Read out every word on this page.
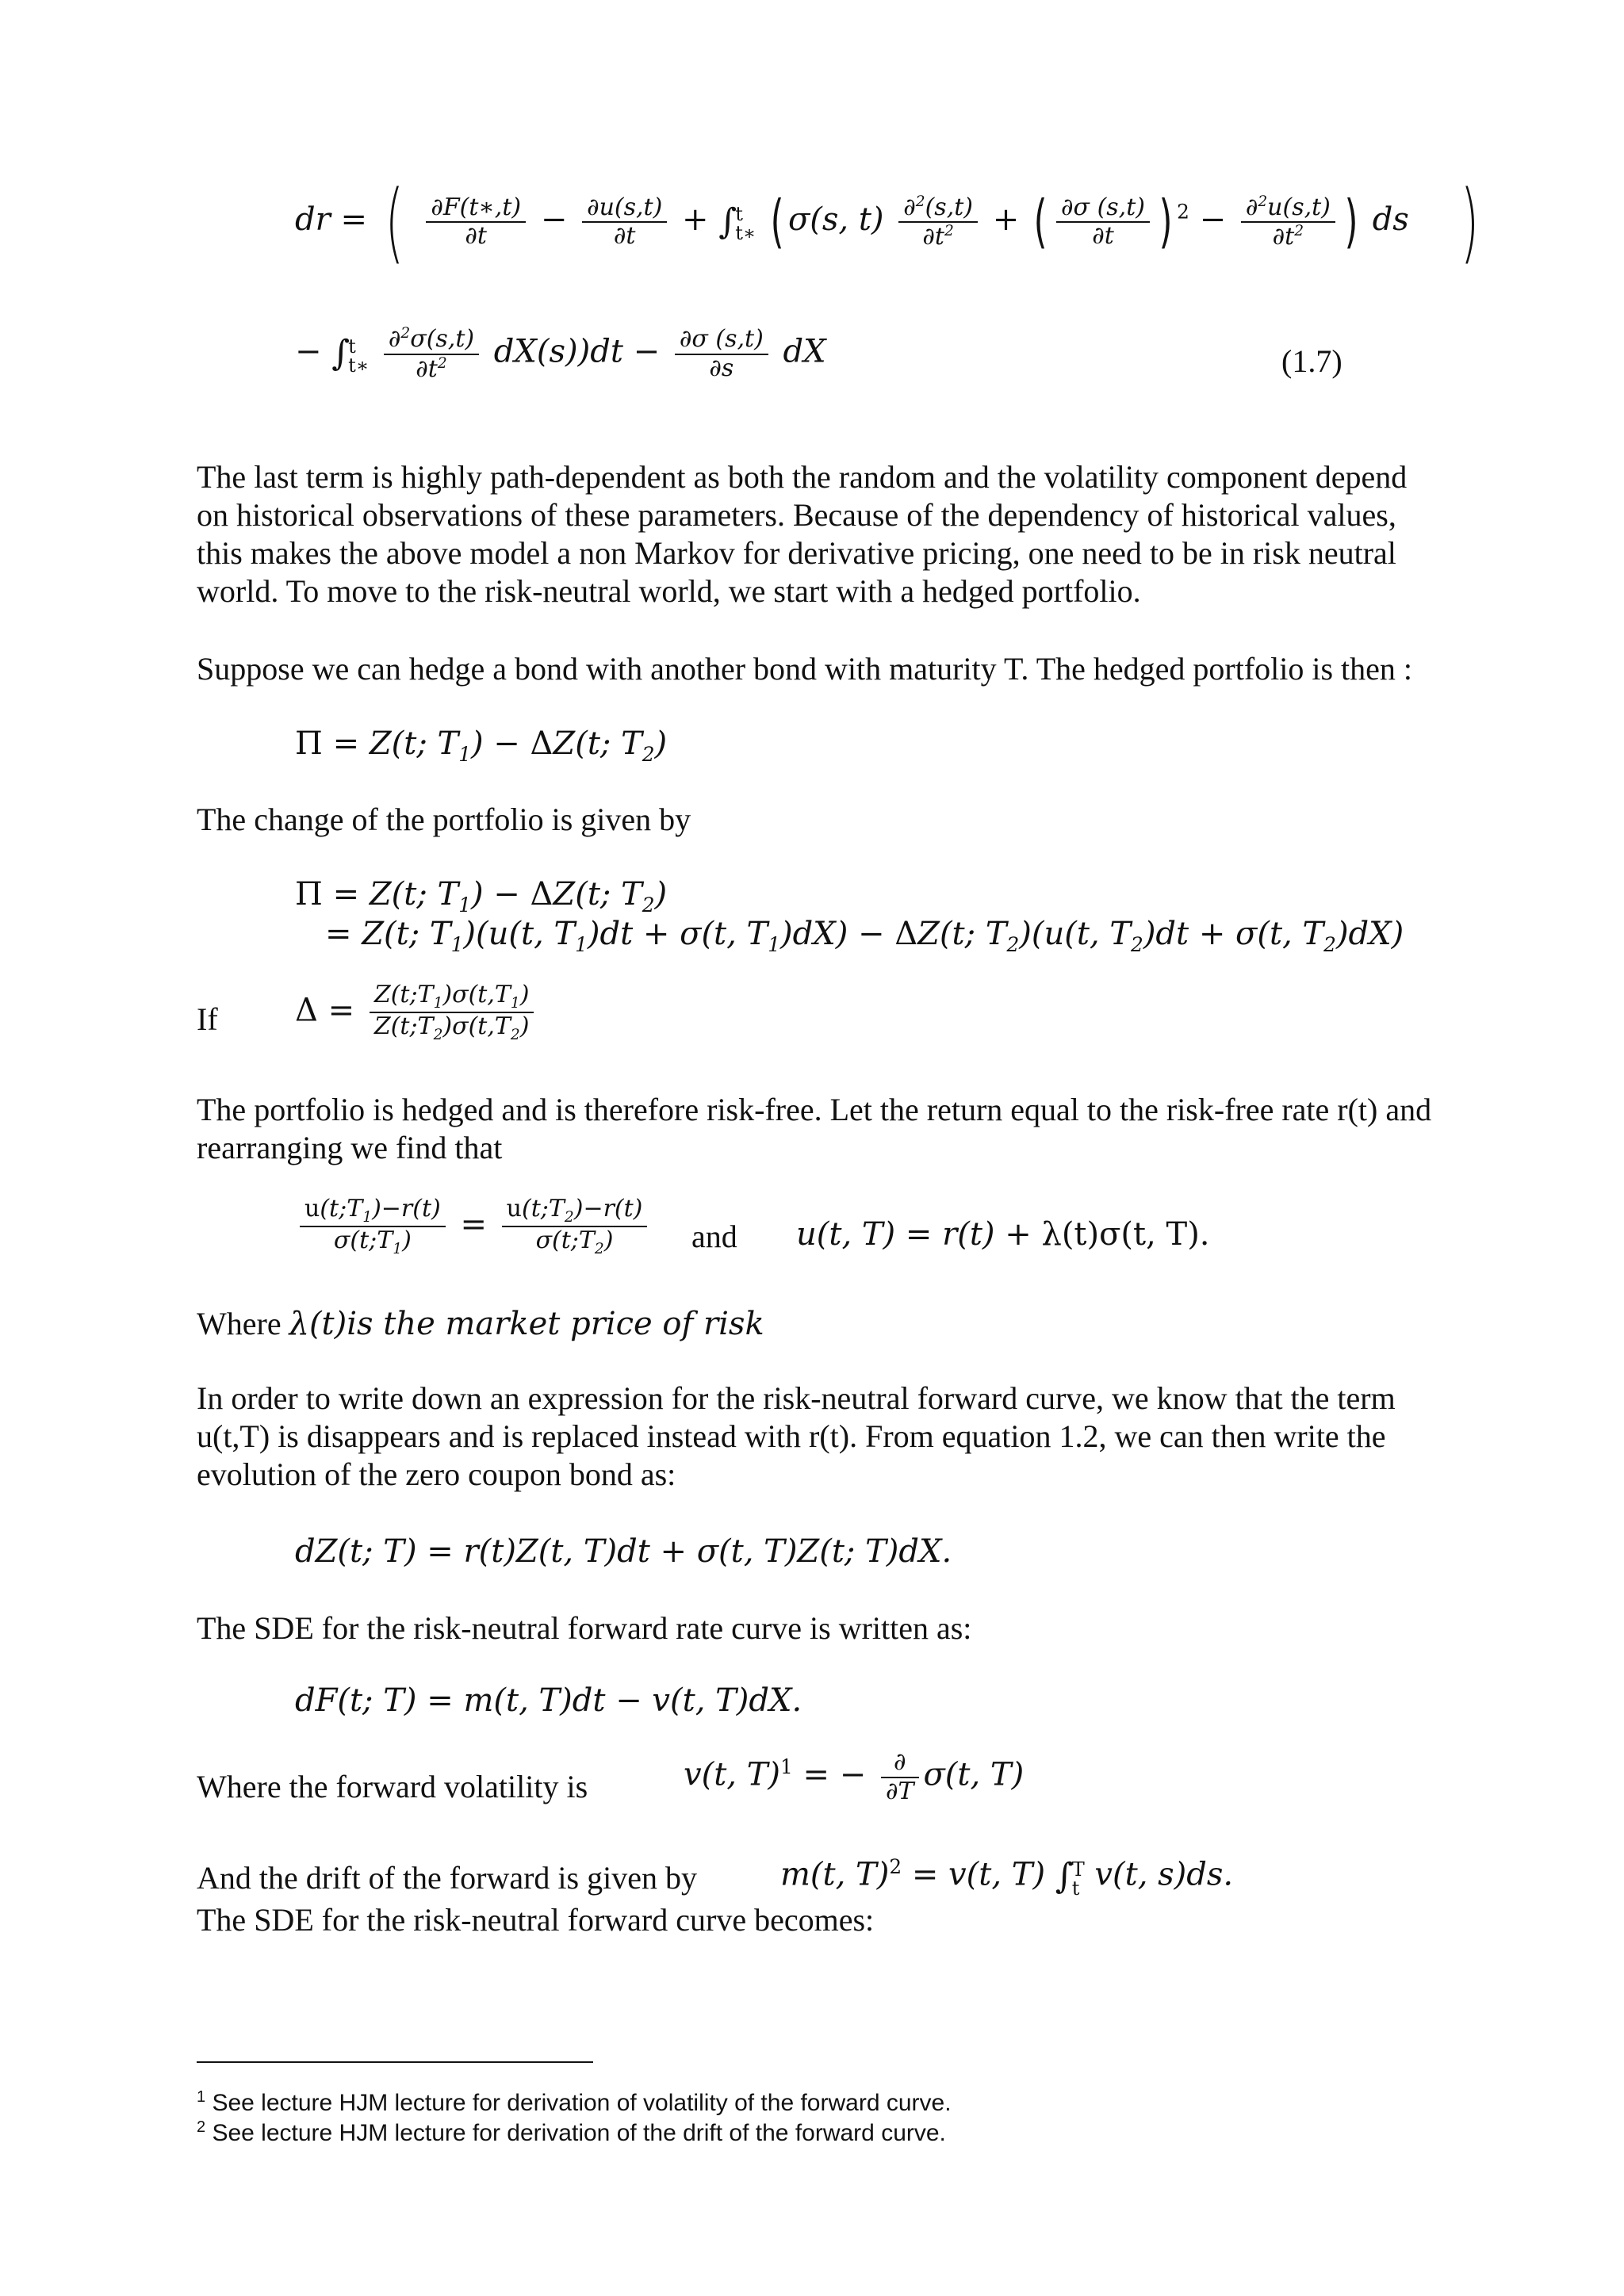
dr = ( $\frac{\partial F(t∗,t)}{\partial t} - \frac{\partial u(s,t)}{\partial t}$ + ∫
t
t∗ ( σ(s, $t) \frac{\partial^2(s,t)}{\partial t^2}$ + ( $\frac{\partial\sigma (s,t)}{\partial t}$ ) $^2 - \frac{\partial^2u(s,t)}{\partial t^2}$ ) ds  )
− ∫
t
t∗
$\frac{\partial^2\sigma(s,t)}{\partial t^2} dX(s))dt - \frac{\partial\sigma (s,t)}{\partial s}$ dX	(1.7)

The last term is highly path-dependent as both the random and the volatility component depend on historical observations of these parameters. Because of the dependency of historical values, this makes the above model a non Markov for derivative pricing, one need to be in risk neutral world. To move to the risk-neutral world, we start with a hedged portfolio.

Suppose we can hedge a bond with another bond with maturity T. The hedged portfolio is then :

Π = Z(t; $T_1) - \Delta Z(t$; $T_2$)

The change of the portfolio is given by

Π = Z(t; $T_1) - \Delta Z(t$; $T_2$)
= Z(t; $T_1)(u(t$, $T_1)dt + \sigma(t$, $T_1)dX) - \Delta Z(t$; $T_2)(u(t$, $T_2)dt + \sigma(t$, $T_2)dX$)
If $\Delta = \frac{Z(t;T_1)\sigma(t,T_1)}{Z(t;T_2)\sigma(t,T_2)}$

The portfolio is hedged and is therefore risk-free. Let the return equal to the risk-free rate r(t) and rearranging we find that

$\frac{u(t;T_1)-r(t)}{\sigma(t;T_1)} = \frac{u(t;T_2)-r(t)}{\sigma(t;T_2)}$ and u(t, T) = r(t) + λ(t)σ(t, T).
Where λ(t)is the market price of risk

In order to write down an expression for the risk-neutral forward curve, we know that the term u(t,T) is disappears and is replaced instead with r(t). From equation 1.2, we can then write the evolution of the zero coupon bond as:

dZ(t; T) = r(t)Z(t, T)dt + σ(t, T)Z(t; T)dX.

The SDE for the risk-neutral forward rate curve is written as:

dF(t; T) = m(t, T)dt − v(t, T)dX.
Where the forward volatility is	v(t, T)$^1$ = − $\frac{\partial}{\partial T} \sigma(t$, T)
And the drift of the forward is given by	m(t, T)$^2$ = v(t, T) ∫
T
t v(t, s)ds.

The SDE for the risk-neutral forward curve becomes:

$^1$ See lecture HJM lecture for derivation of volatility of the forward curve.
$^2$ See lecture HJM lecture for derivation of the drift of the forward curve.
